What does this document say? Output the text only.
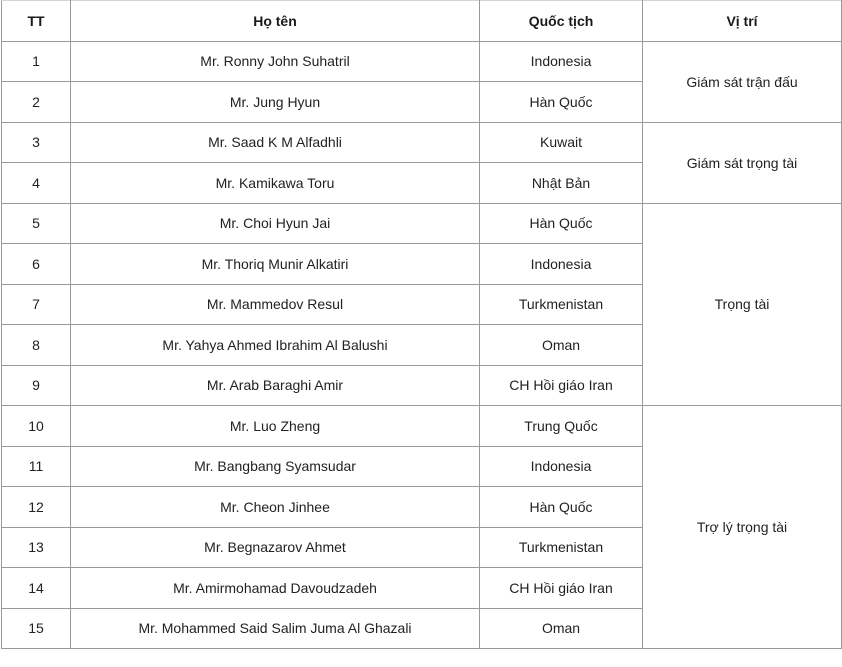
TT	Họ tên	Quốc tịch	Vị trí
1	Mr. Ronny John Suhatril	Indonesia	Giám sát trận đấu
2	Mr. Jung Hyun	Hàn Quốc	
3	Mr. Saad K M Alfadhli	Kuwait	Giám sát trọng tài
4	Mr. Kamikawa Toru	Nhật Bản	
5	Mr. Choi Hyun Jai	Hàn Quốc	Trọng tài
6	Mr. Thoriq Munir Alkatiri	Indonesia	
7	Mr. Mammedov Resul	Turkmenistan	
8	Mr. Yahya Ahmed Ibrahim Al Balushi	Oman	
9	Mr. Arab Baraghi Amir	CH Hồi giáo Iran	
10	Mr. Luo Zheng	Trung Quốc	Trợ lý trọng tài
11	Mr. Bangbang Syamsudar	Indonesia	
12	Mr. Cheon Jinhee	Hàn Quốc	
13	Mr. Begnazarov Ahmet	Turkmenistan	
14	Mr. Amirmohamad Davoudzadeh	CH Hồi giáo Iran	
15	Mr. Mohammed Said Salim Juma Al Ghazali	Oman	
